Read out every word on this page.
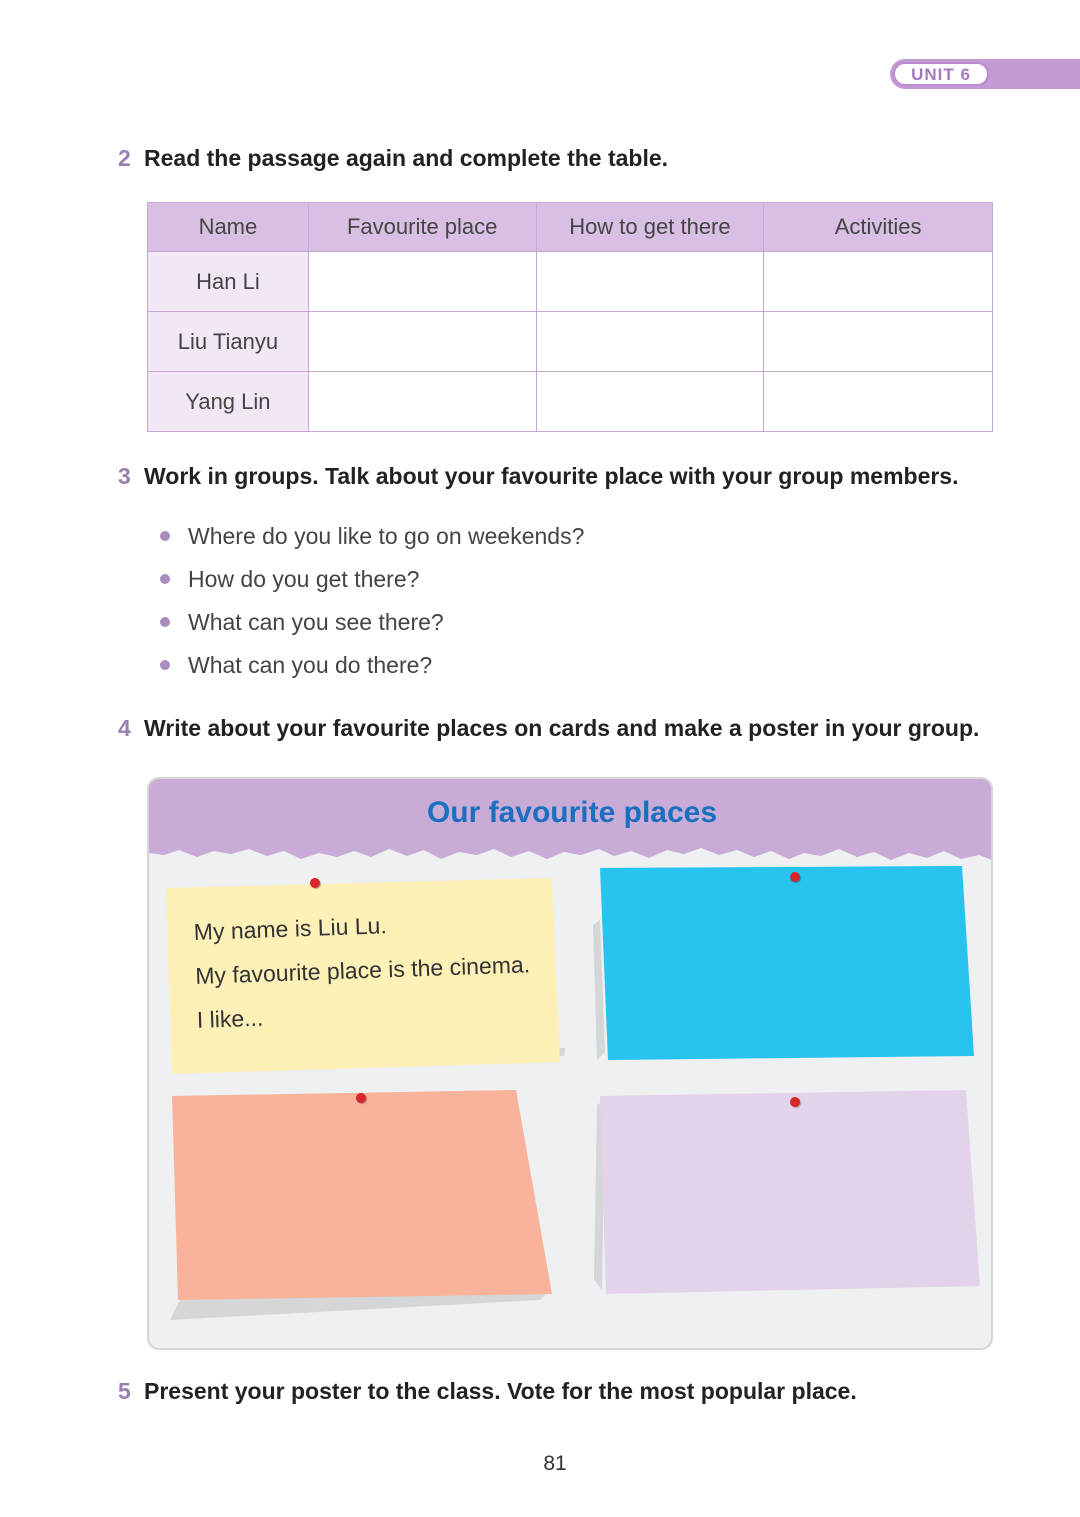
UNIT 6
2 Read the passage again and complete the table.
Name	Favourite place	How to get there	Activities
Han Li			
Liu Tianyu			
Yang Lin			
3 Work in groups. Talk about your favourite place with your group members.
Where do you like to go on weekends?
How do you get there?
What can you see there?
What can you do there?
4 Write about your favourite places on cards and make a poster in your group.
Our favourite places
My name is Liu Lu.
My favourite place is the cinema.
I like...
5 Present your poster to the class. Vote for the most popular place.
81
